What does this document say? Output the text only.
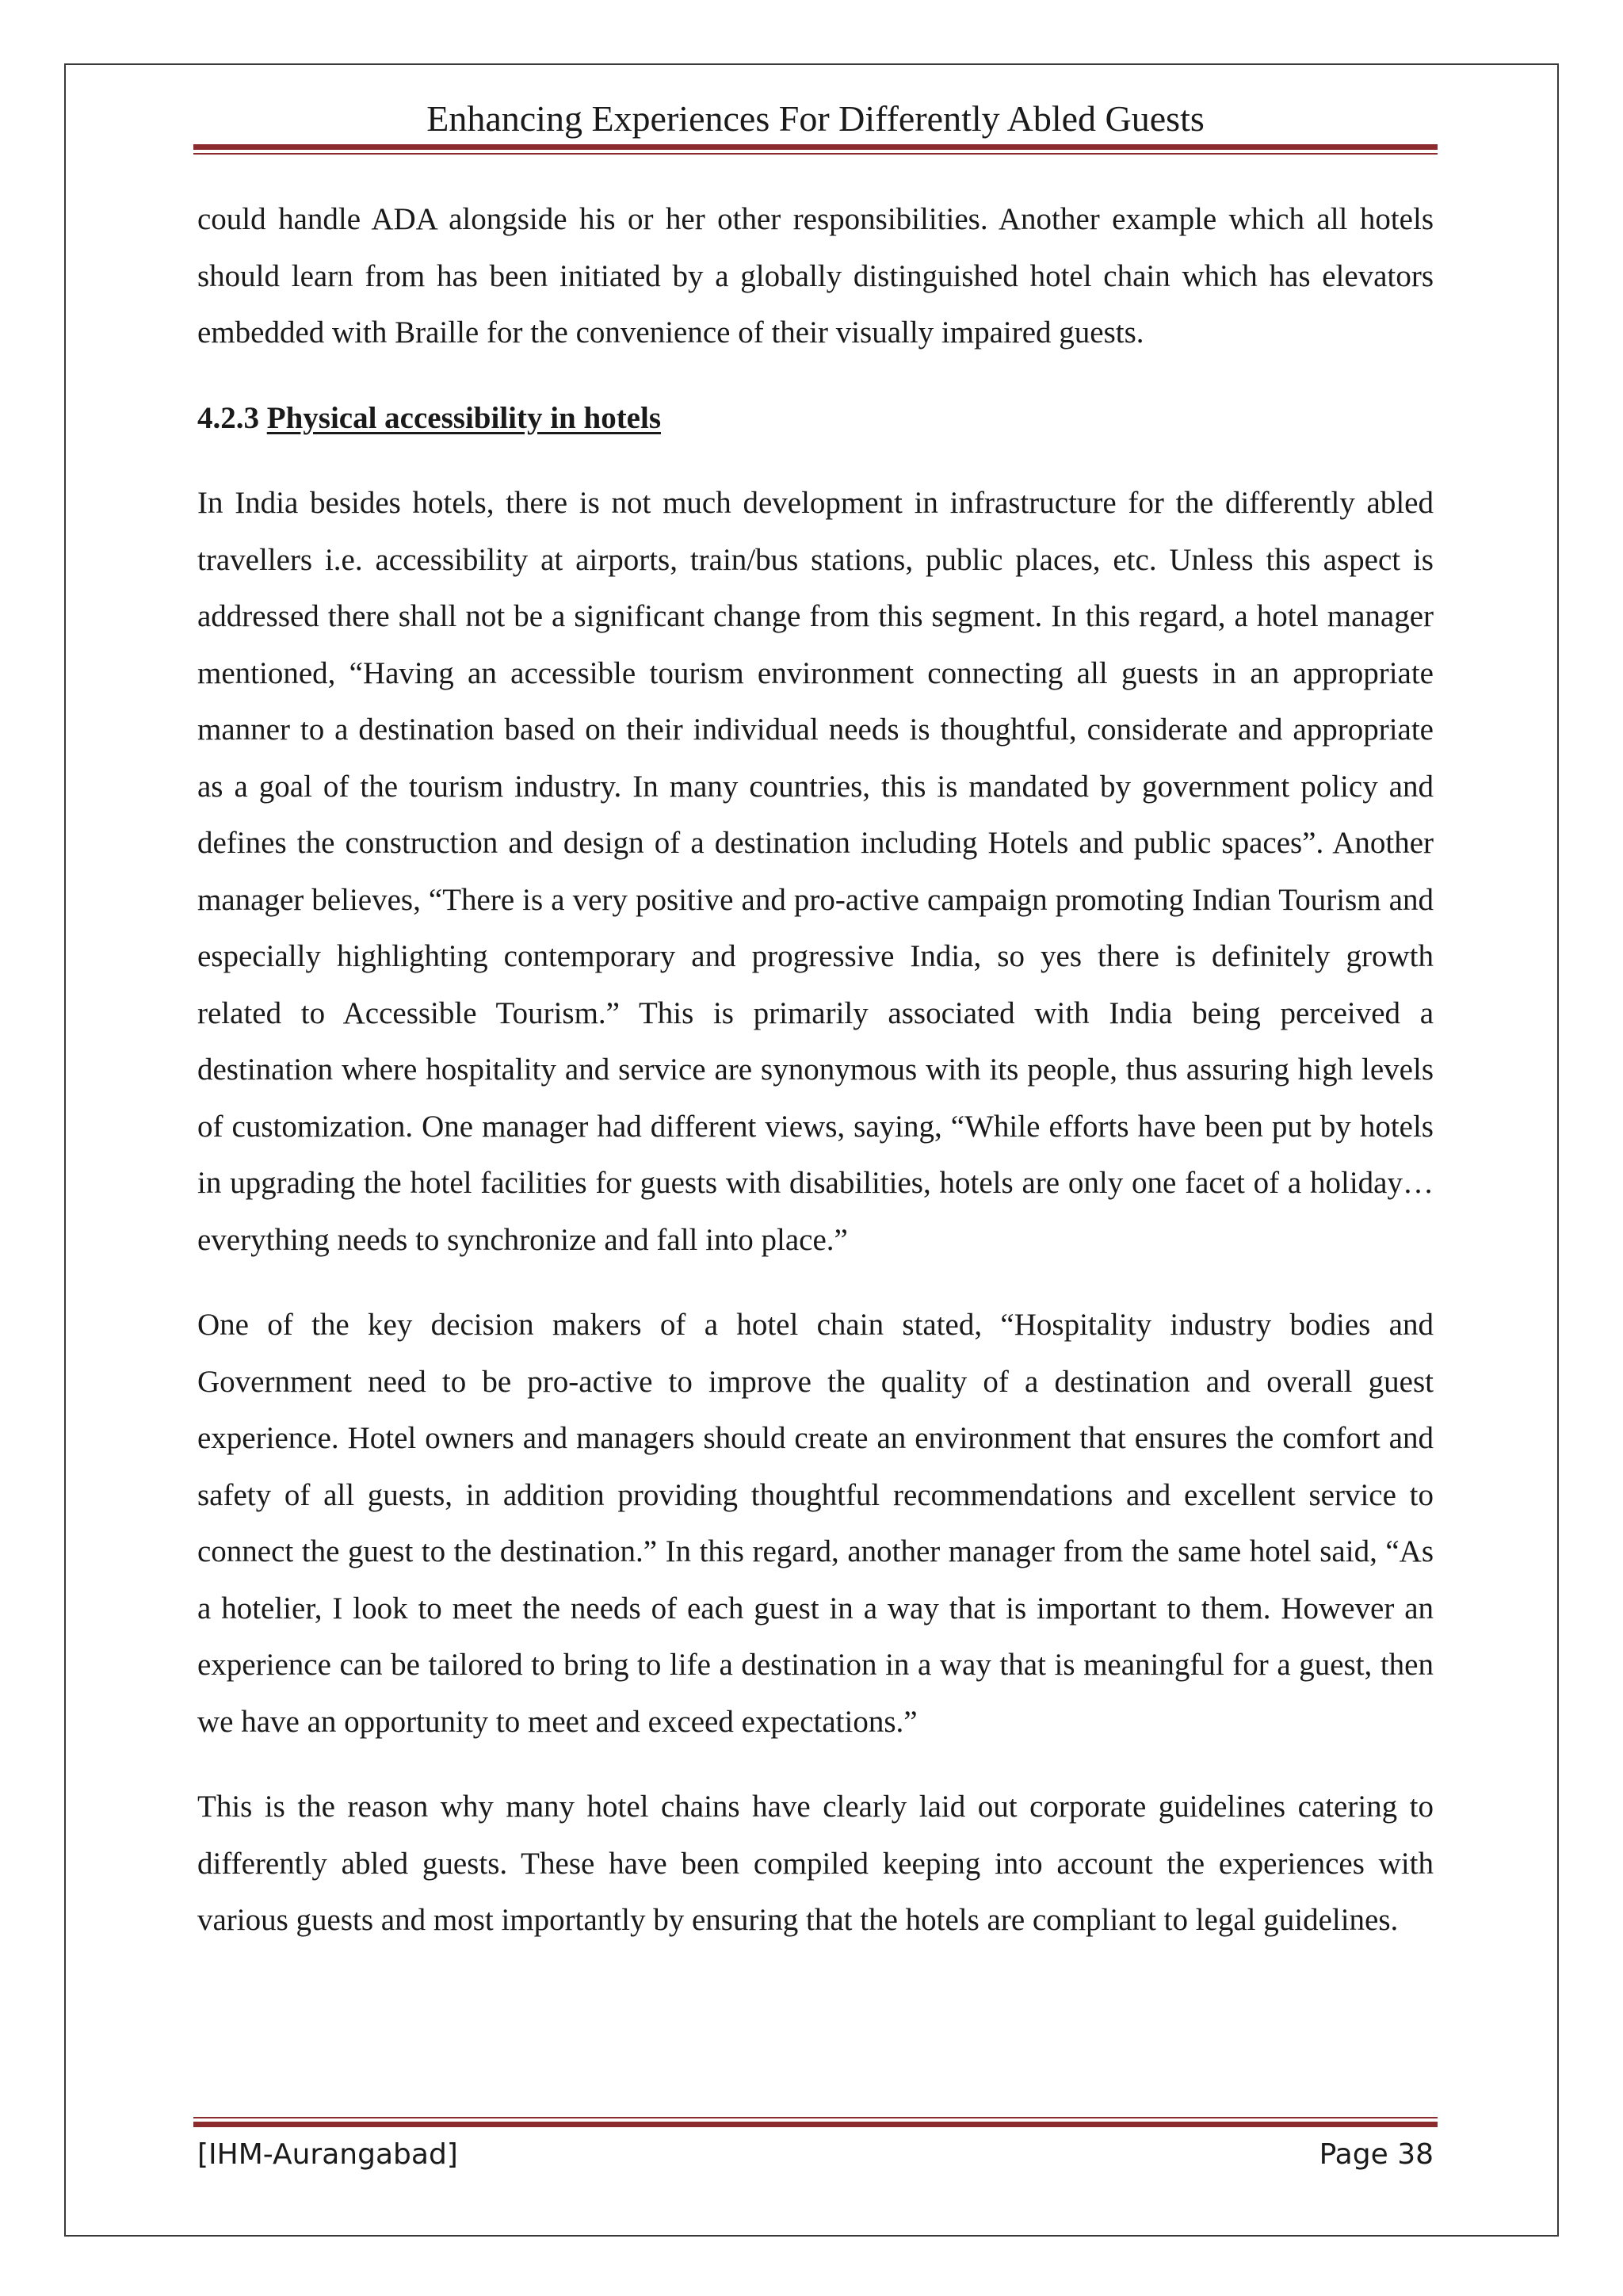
Enhancing Experiences For Differently Abled Guests

could handle ADA alongside his or her other responsibilities. Another example which all hotels should learn from has been initiated by a globally distinguished hotel chain which has elevators embedded with Braille for the convenience of their visually impaired guests.

4.2.3 Physical accessibility in hotels

In India besides hotels, there is not much development in infrastructure for the differently abled travellers i.e. accessibility at airports, train/bus stations, public places, etc. Unless this aspect is addressed there shall not be a significant change from this segment. In this regard, a hotel manager mentioned, “Having an accessible tourism environment connecting all guests in an appropriate manner to a destination based on their individual needs is thoughtful, considerate and appropriate as a goal of the tourism industry. In many countries, this is mandated by government policy and defines the construction and design of a destination including Hotels and public spaces”. Another manager believes, “There is a very positive and pro-active campaign promoting Indian Tourism and especially highlighting contemporary and progressive India, so yes there is definitely growth related to Accessible Tourism.” This is primarily associated with India being perceived a destination where hospitality and service are synonymous with its people, thus assuring high levels of customization. One manager had different views, saying, “While efforts have been put by hotels in upgrading the hotel facilities for guests with disabilities, hotels are only one facet of a holiday…everything needs to synchronize and fall into place.”

One of the key decision makers of a hotel chain stated, “Hospitality industry bodies and Government need to be pro-active to improve the quality of a destination and overall guest experience. Hotel owners and managers should create an environment that ensures the comfort and safety of all guests, in addition providing thoughtful recommendations and excellent service to connect the guest to the destination.” In this regard, another manager from the same hotel said, “As a hotelier, I look to meet the needs of each guest in a way that is important to them. However an experience can be tailored to bring to life a destination in a way that is meaningful for a guest, then we have an opportunity to meet and exceed expectations.”

This is the reason why many hotel chains have clearly laid out corporate guidelines catering to differently abled guests. These have been compiled keeping into account the experiences with various guests and most importantly by ensuring that the hotels are compliant to legal guidelines.

[IHM-Aurangabad]	Page 38
